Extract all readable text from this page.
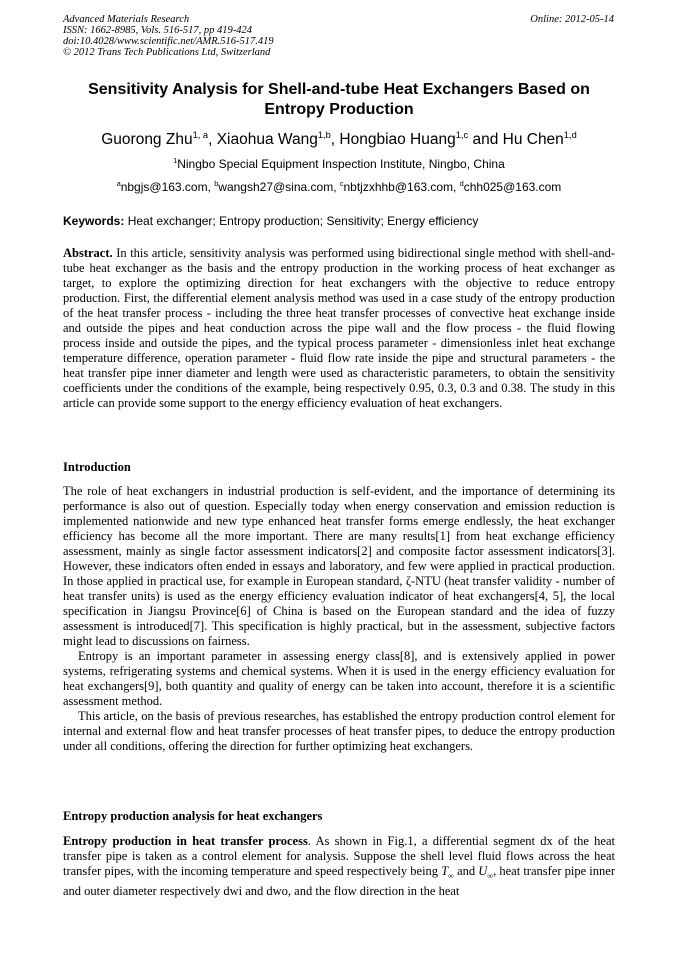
Advanced Materials Research
ISSN: 1662-8985, Vols. 516-517, pp 419-424
doi:10.4028/www.scientific.net/AMR.516-517.419
© 2012 Trans Tech Publications Ltd, Switzerland
Online: 2012-05-14
Sensitivity Analysis for Shell-and-tube Heat Exchangers Based on Entropy Production
Guorong Zhu$^{1, a}$, Xiaohua Wang$^{1,b}$, Hongbiao Huang$^{1,c}$ and Hu Chen$^{1,d}$
$^1$Ningbo Special Equipment Inspection Institute, Ningbo, China
$^a$nbgjs@163.com, $^b$wangsh27@sina.com, $^c$nbtjzxhhb@163.com, $^d$chh025@163.com
Keywords: Heat exchanger; Entropy production; Sensitivity; Energy efficiency

Abstract. In this article, sensitivity analysis was performed using bidirectional single method with shell-and-tube heat exchanger as the basis and the entropy production in the working process of heat exchanger as target, to explore the optimizing direction for heat exchangers with the objective to reduce entropy production. First, the differential element analysis method was used in a case study of the entropy production of the heat transfer process - including the three heat transfer processes of convective heat exchange inside and outside the pipes and heat conduction across the pipe wall and the flow process - the fluid flowing process inside and outside the pipes, and the typical process parameter - dimensionless inlet heat exchange temperature difference, operation parameter - fluid flow rate inside the pipe and structural parameters - the heat transfer pipe inner diameter and length were used as characteristic parameters, to obtain the sensitivity coefficients under the conditions of the example, being respectively 0.95, 0.3, 0.3 and 0.38. The study in this article can provide some support to the energy efficiency evaluation of heat exchangers.

Introduction

The role of heat exchangers in industrial production is self-evident, and the importance of determining its performance is also out of question. Especially today when energy conservation and emission reduction is implemented nationwide and new type enhanced heat transfer forms emerge endlessly, the heat exchanger efficiency has become all the more important. There are many results[1] from heat exchange efficiency assessment, mainly as single factor assessment indicators[2] and composite factor assessment indicators[3]. However, these indicators often ended in essays and laboratory, and few were applied in practical production. In those applied in practical use, for example in European standard, ζ-NTU (heat transfer validity - number of heat transfer units) is used as the energy efficiency evaluation indicator of heat exchangers[4, 5], the local specification in Jiangsu Province[6] of China is based on the European standard and the idea of fuzzy assessment is introduced[7]. This specification is highly practical, but in the assessment, subjective factors might lead to discussions on fairness.

Entropy is an important parameter in assessing energy class[8], and is extensively applied in power systems, refrigerating systems and chemical systems. When it is used in the energy efficiency evaluation for heat exchangers[9], both quantity and quality of energy can be taken into account, therefore it is a scientific assessment method.

This article, on the basis of previous researches, has established the entropy production control element for internal and external flow and heat transfer processes of heat transfer pipes, to deduce the entropy production under all conditions, offering the direction for further optimizing heat exchangers.

Entropy production analysis for heat exchangers

Entropy production in heat transfer process. As shown in Fig.1, a differential segment dx of the heat transfer pipe is taken as a control element for analysis. Suppose the shell level fluid flows across the heat transfer pipes, with the incoming temperature and speed respectively being $T_\infty$ and $U_\infty$, heat transfer pipe inner and outer diameter respectively dwi and dwo, and the flow direction in the heat
